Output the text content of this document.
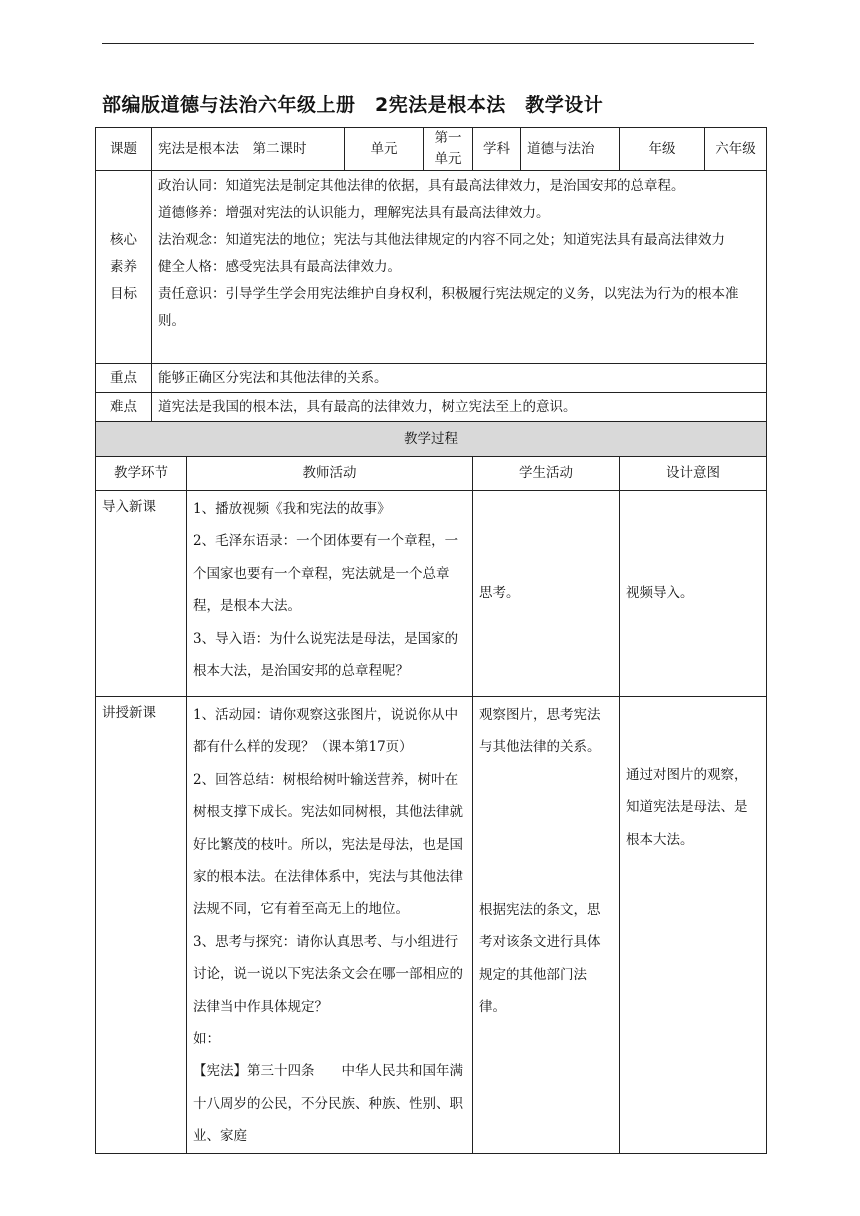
部编版道德与法治六年级上册　2宪法是根本法　教学设计
课题	宪法是根本法　第二课时		单元	第一单元	学科	道德与法治	年级	六年级

核心
素养
目标	政治认同：知道宪法是制定其他法律的依据，具有最高法律效力，是治国安邦的总章程。
道德修养：增强对宪法的认识能力，理解宪法具有最高法律效力。
法治观念：知道宪法的地位；宪法与其他法律规定的内容不同之处；知道宪法具有最高法律效力
健全人格：感受宪法具有最高法律效力。
责任意识：引导学生学会用宪法维护自身权利，积极履行宪法规定的义务，以宪法为行为的根本准则。							

重点	能够正确区分宪法和其他法律的关系。							
难点	道宪法是我国的根本法，具有最高的法律效力，树立宪法至上的意识。							
教学过程								
教学环节		教师活动			学生活动		设计意图	
导入新课		1、播放视频《我和宪法的故事》
2、毛泽东语录：一个团体要有一个章程，一个国家也要有一个章程，宪法就是一个总章程，是根本大法。
3、导入语：为什么说宪法是母法，是国家的根本大法，是治国安邦的总章程呢？			思考。		视频导入。	
讲授新课		1、活动园：请你观察这张图片，说说你从中都有什么样的发现？（课本第17页）
2、回答总结：树根给树叶输送营养，树叶在树根支撑下成长。宪法如同树根，其他法律就好比繁茂的枝叶。所以，宪法是母法，也是国家的根本法。在法律体系中，宪法与其他法律法规不同，它有着至高无上的地位。
3、思考与探究：请你认真思考、与小组进行讨论，说一说以下宪法条文会在哪一部相应的法律当中作具体规定？
如：
【宪法】第三十四条　　中华人民共和国年满十八周岁的公民，不分民族、种族、性别、职业、家庭			观察图片，思考宪法与其他法律的关系。
根据宪法的条文，思考对该条文进行具体规定的其他部门法律。		通过对图片的观察，知道宪法是母法、是根本大法。	
